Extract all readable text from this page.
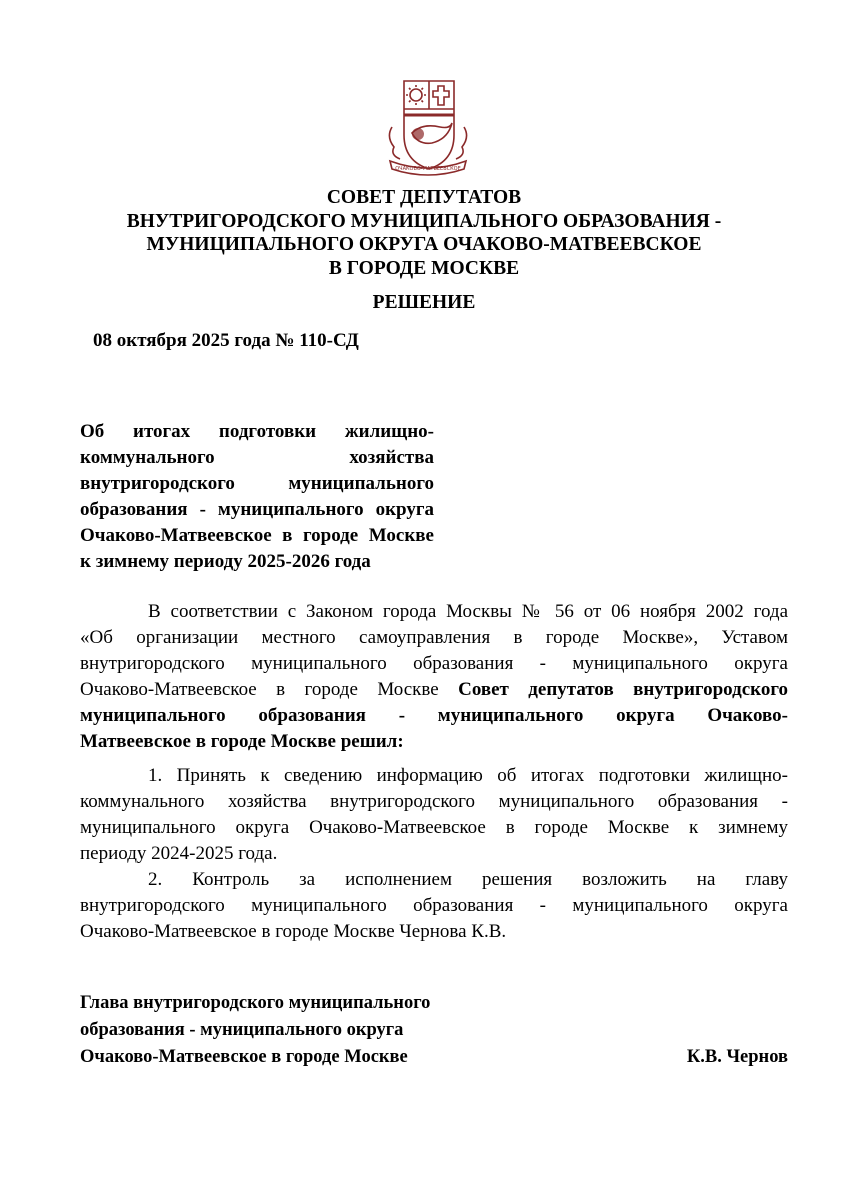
ОЧАКОВО-МАТВЕЕВСКОЕ
СОВЕТ ДЕПУТАТОВ
ВНУТРИГОРОДСКОГО МУНИЦИПАЛЬНОГО ОБРАЗОВАНИЯ -
МУНИЦИПАЛЬНОГО ОКРУГА ОЧАКОВО-МАТВЕЕВСКОЕ
В ГОРОДЕ МОСКВЕ
РЕШЕНИЕ
08 октября 2025 года № 110-СД
Об итогах подготовки жилищно-
коммунального хозяйства
внутригородского муниципального
образования - муниципального округа
Очаково-Матвеевское в городе Москве
к зимнему периоду 2025-2026 года
В соответствии с Законом города Москвы № 56 от 06 ноября 2002 года
«Об организации местного самоуправления в городе Москве», Уставом
внутригородского муниципального образования - муниципального округа
Очаково-Матвеевское в городе Москве Совет депутатов внутригородского
муниципального образования - муниципального округа Очаково-
Матвеевское в городе Москве решил:
1. Принять к сведению информацию об итогах подготовки жилищно-
коммунального хозяйства внутригородского муниципального образования -
муниципального округа Очаково-Матвеевское в городе Москве к зимнему
периоду 2024-2025 года.
2. Контроль за исполнением решения возложить на главу
внутригородского муниципального образования - муниципального округа
Очаково-Матвеевское в городе Москве Чернова К.В.
Глава внутригородского муниципального
образования - муниципального округа
Очаково-Матвеевское в городе Москве	К.В. Чернов
